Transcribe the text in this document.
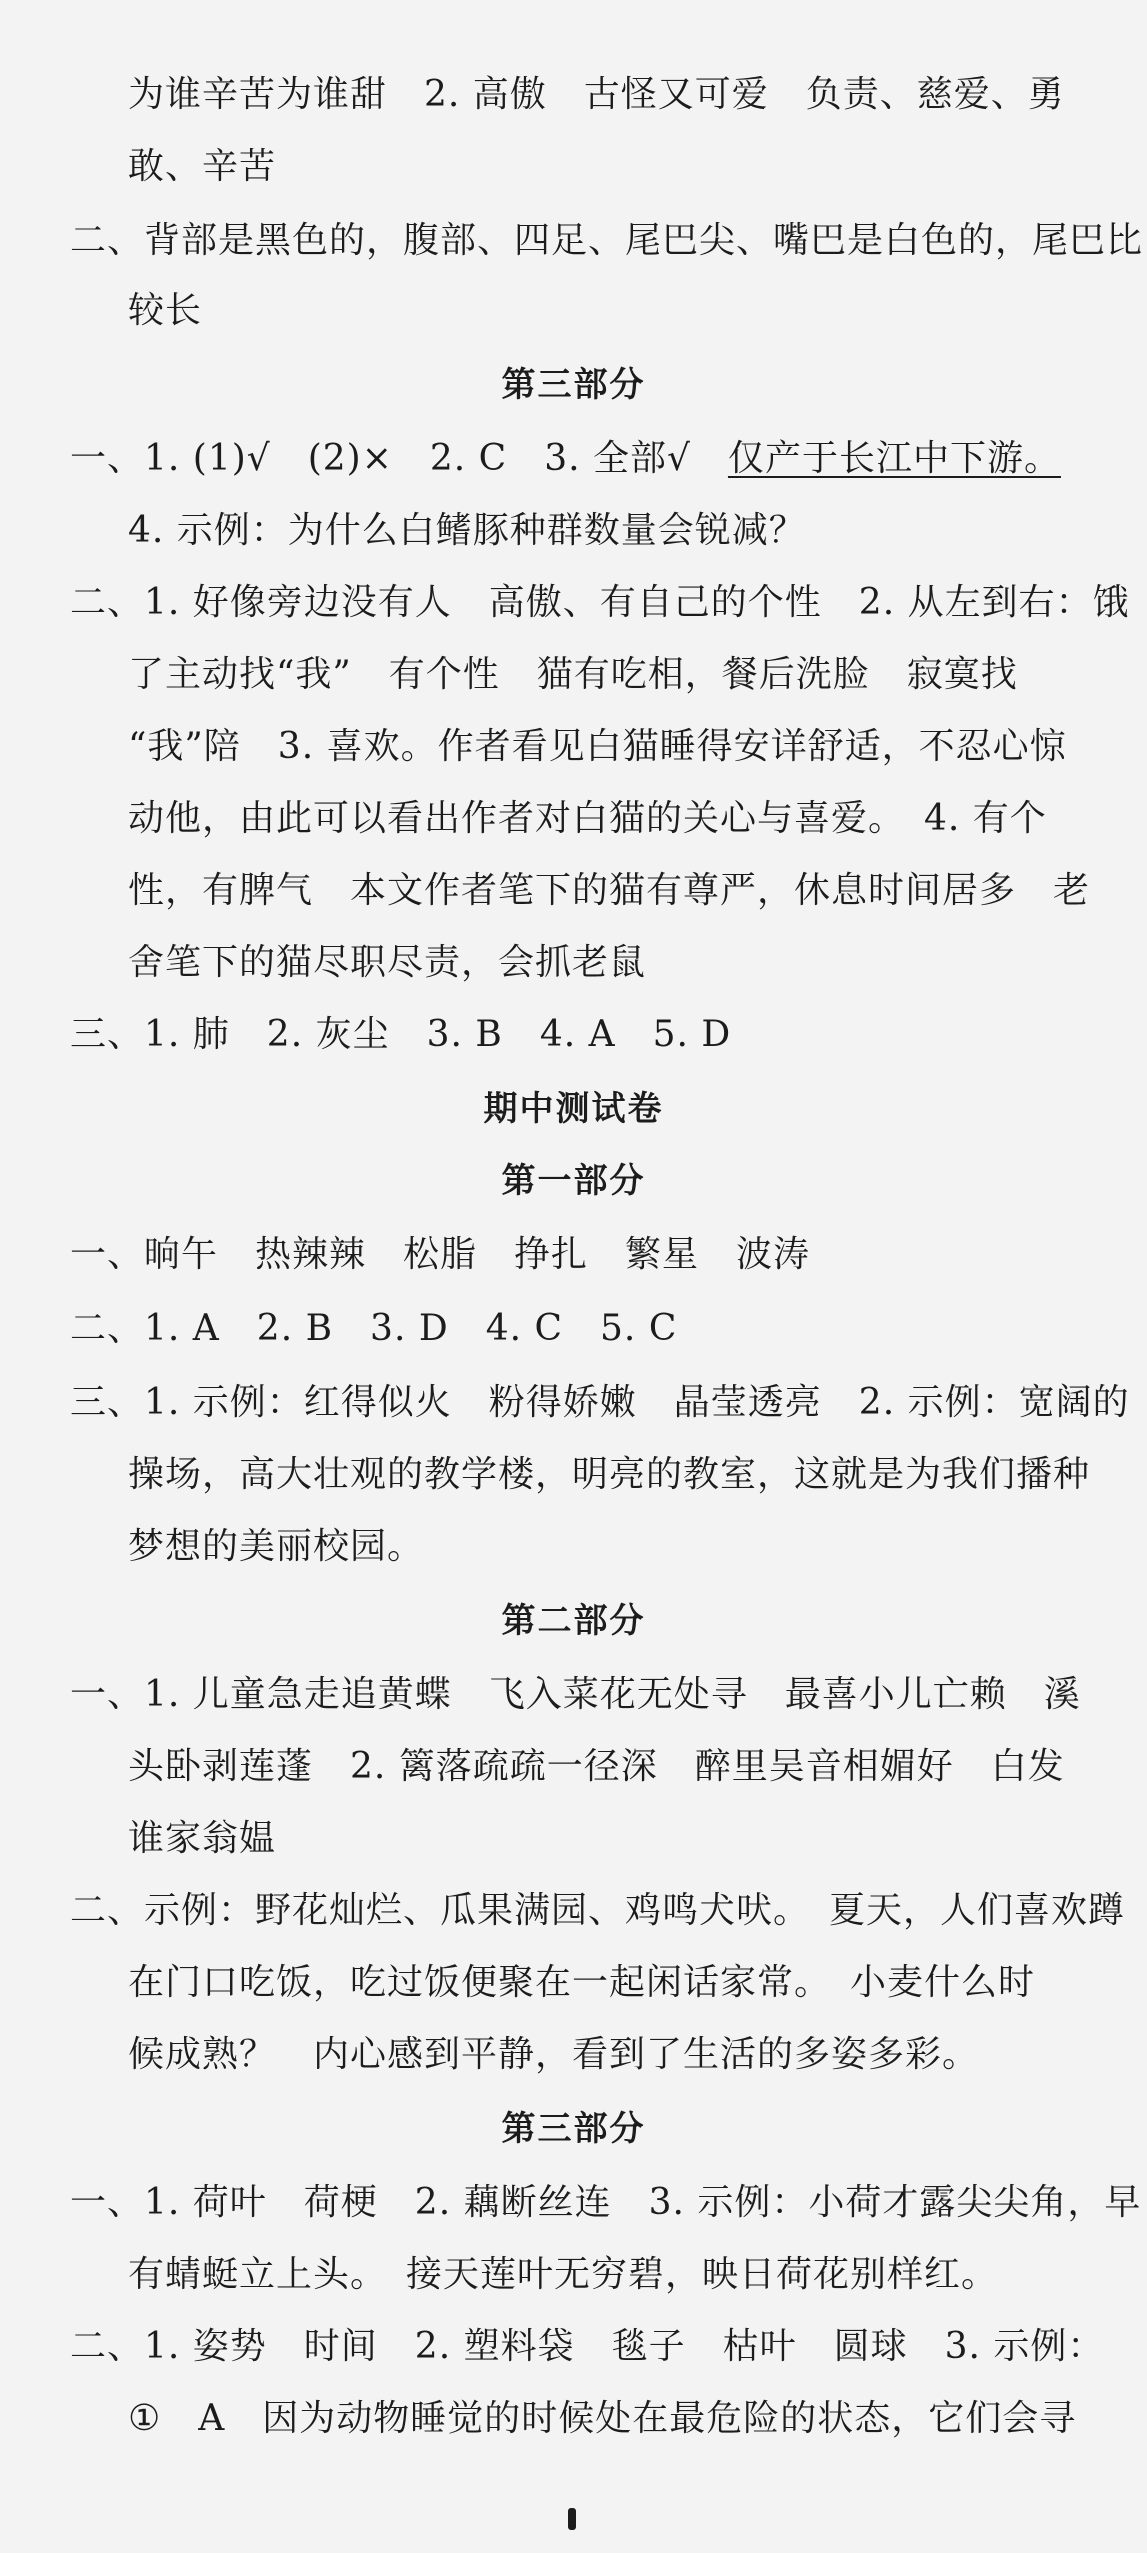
为谁辛苦为谁甜　2. 高傲　古怪又可爱　负责、慈爱、勇
敢、辛苦
二、背部是黑色的，腹部、四足、尾巴尖、嘴巴是白色的，尾巴比
较长
第三部分
一、1. (1)√　(2)×　2. C　3. 全部√　仅产于长江中下游。
4. 示例：为什么白鳍豚种群数量会锐减？
二、1. 好像旁边没有人　高傲、有自己的个性　2. 从左到右：饿
了主动找“我”　有个性　猫有吃相，餐后洗脸　寂寞找
“我”陪　3. 喜欢。作者看见白猫睡得安详舒适，不忍心惊
动他，由此可以看出作者对白猫的关心与喜爱。　4. 有个
性，有脾气　本文作者笔下的猫有尊严，休息时间居多　老
舍笔下的猫尽职尽责，会抓老鼠
三、1. 肺　2. 灰尘　3. B　4. A　5. D
期中测试卷
第一部分
一、晌午　热辣辣　松脂　挣扎　繁星　波涛
二、1. A　2. B　3. D　4. C　5. C
三、1. 示例：红得似火　粉得娇嫩　晶莹透亮　2. 示例：宽阔的
操场，高大壮观的教学楼，明亮的教室，这就是为我们播种
梦想的美丽校园。
第二部分
一、1. 儿童急走追黄蝶　飞入菜花无处寻　最喜小儿亡赖　溪
头卧剥莲蓬　2. 篱落疏疏一径深　醉里吴音相媚好　白发
谁家翁媪
二、示例：野花灿烂、瓜果满园、鸡鸣犬吠。　夏天，人们喜欢蹲
在门口吃饭，吃过饭便聚在一起闲话家常。　小麦什么时
候成熟？　内心感到平静，看到了生活的多姿多彩。
第三部分
一、1. 荷叶　荷梗　2. 藕断丝连　3. 示例：小荷才露尖尖角，早
有蜻蜓立上头。　接天莲叶无穷碧，映日荷花别样红。
二、1. 姿势　时间　2. 塑料袋　毯子　枯叶　圆球　3. 示例：
①　A　因为动物睡觉的时候处在最危险的状态，它们会寻
